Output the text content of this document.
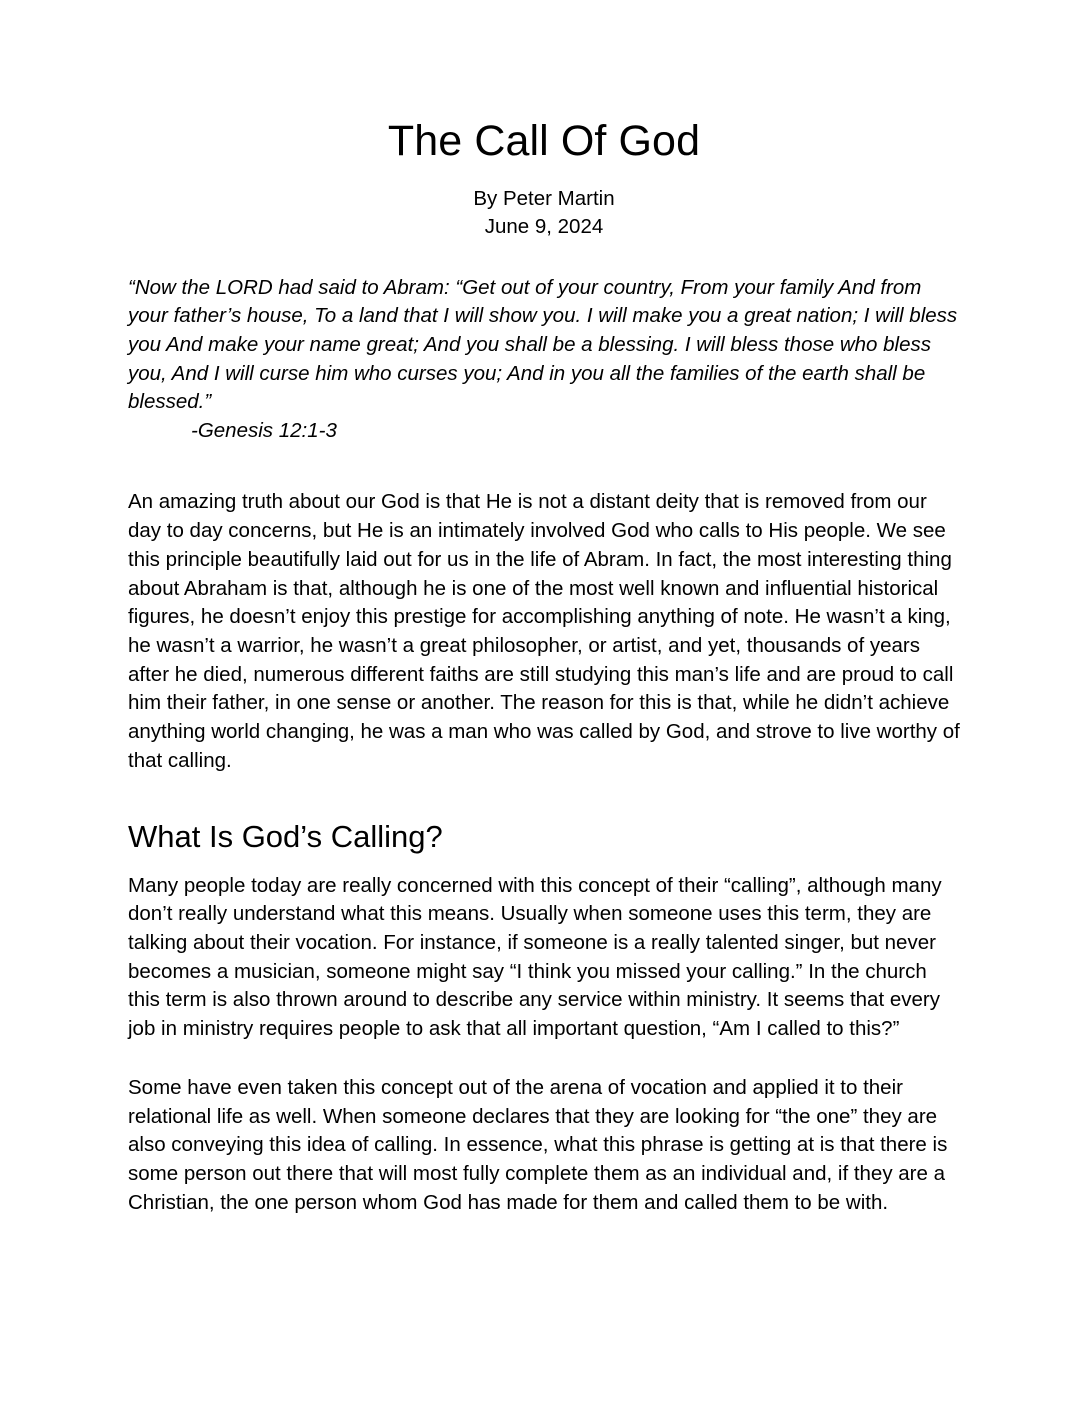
The Call Of God
By Peter Martin
June 9, 2024
“Now the LORD had said to Abram: “Get out of your country, From your family And from your father’s house, To a land that I will show you. I will make you a great nation; I will bless you And make your name great; And you shall be a blessing. I will bless those who bless you, And I will curse him who curses you; And in you all the families of the earth shall be blessed.”
-Genesis 12:1-3

An amazing truth about our God is that He is not a distant deity that is removed from our day to day concerns, but He is an intimately involved God who calls to His people. We see this principle beautifully laid out for us in the life of Abram. In fact, the most interesting thing about Abraham is that, although he is one of the most well known and influential historical figures, he doesn’t enjoy this prestige for accomplishing anything of note. He wasn’t a king, he wasn’t a warrior, he wasn’t a great philosopher, or artist, and yet, thousands of years after he died, numerous different faiths are still studying this man’s life and are proud to call him their father, in one sense or another. The reason for this is that, while he didn’t achieve anything world changing, he was a man who was called by God, and strove to live worthy of that calling.

What Is God’s Calling?

Many people today are really concerned with this concept of their “calling”, although many don’t really understand what this means. Usually when someone uses this term, they are talking about their vocation. For instance, if someone is a really talented singer, but never becomes a musician, someone might say “I think you missed your calling.” In the church this term is also thrown around to describe any service within ministry. It seems that every job in ministry requires people to ask that all important question, “Am I called to this?”

Some have even taken this concept out of the arena of vocation and applied it to their relational life as well. When someone declares that they are looking for “the one” they are also conveying this idea of calling. In essence, what this phrase is getting at is that there is some person out there that will most fully complete them as an individual and, if they are a Christian, the one person whom God has made for them and called them to be with.
